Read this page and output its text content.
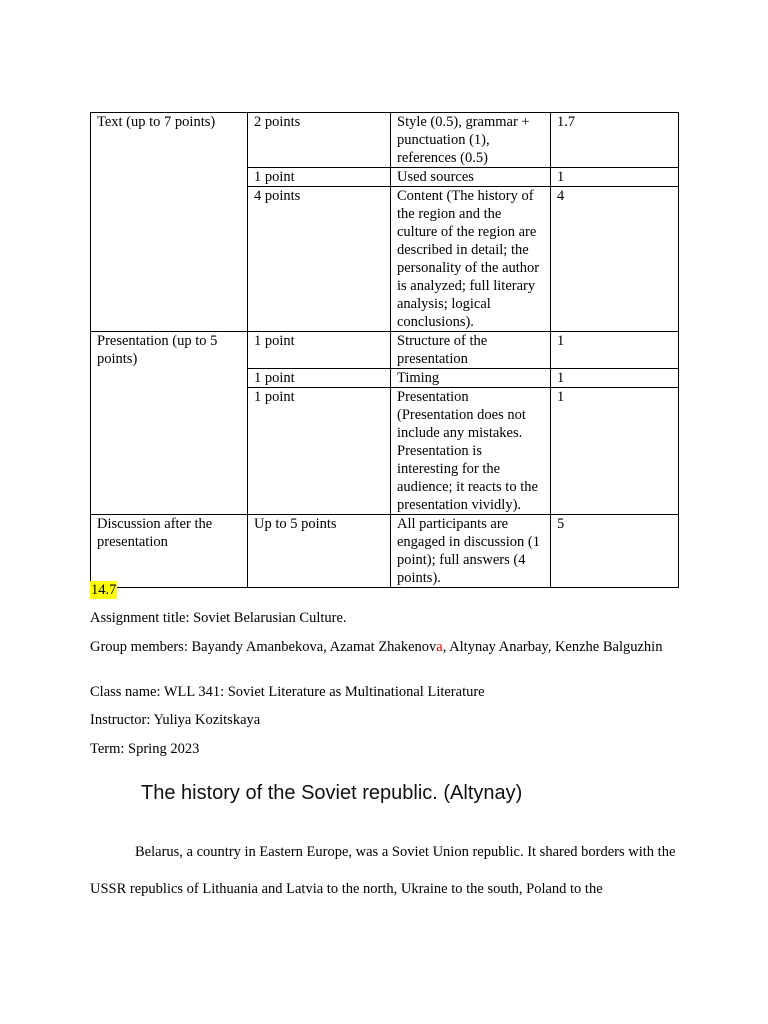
Text (up to 7 points)	2 points	Style (0.5), grammar + punctuation (1), references (0.5)	1.7
	1 point	Used sources	1
	4 points	Content (The history of the region and the culture of the region are described in detail; the personality of the author is analyzed; full literary analysis; logical conclusions).	4
Presentation (up to 5 points)	1 point	Structure of the presentation	1
	1 point	Timing	1
	1 point	Presentation (Presentation does not include any mistakes. Presentation is interesting for the audience; it reacts to the presentation vividly).	1
Discussion after the presentation	Up to 5 points	All participants are engaged in discussion (1 point); full answers (4 points).	5
14.7
Assignment title: Soviet Belarusian Culture.
Group members: Bayandy Amanbekova, Azamat Zhakenova, Altynay Anarbay, Kenzhe Balguzhin
Class name: WLL 341: Soviet Literature as Multinational Literature
Instructor: Yuliya Kozitskaya
Term: Spring 2023
The history of the Soviet republic. (Altynay)

Belarus, a country in Eastern Europe, was a Soviet Union republic. It shared borders with the USSR republics of Lithuania and Latvia to the north, Ukraine to the south, Poland to the
